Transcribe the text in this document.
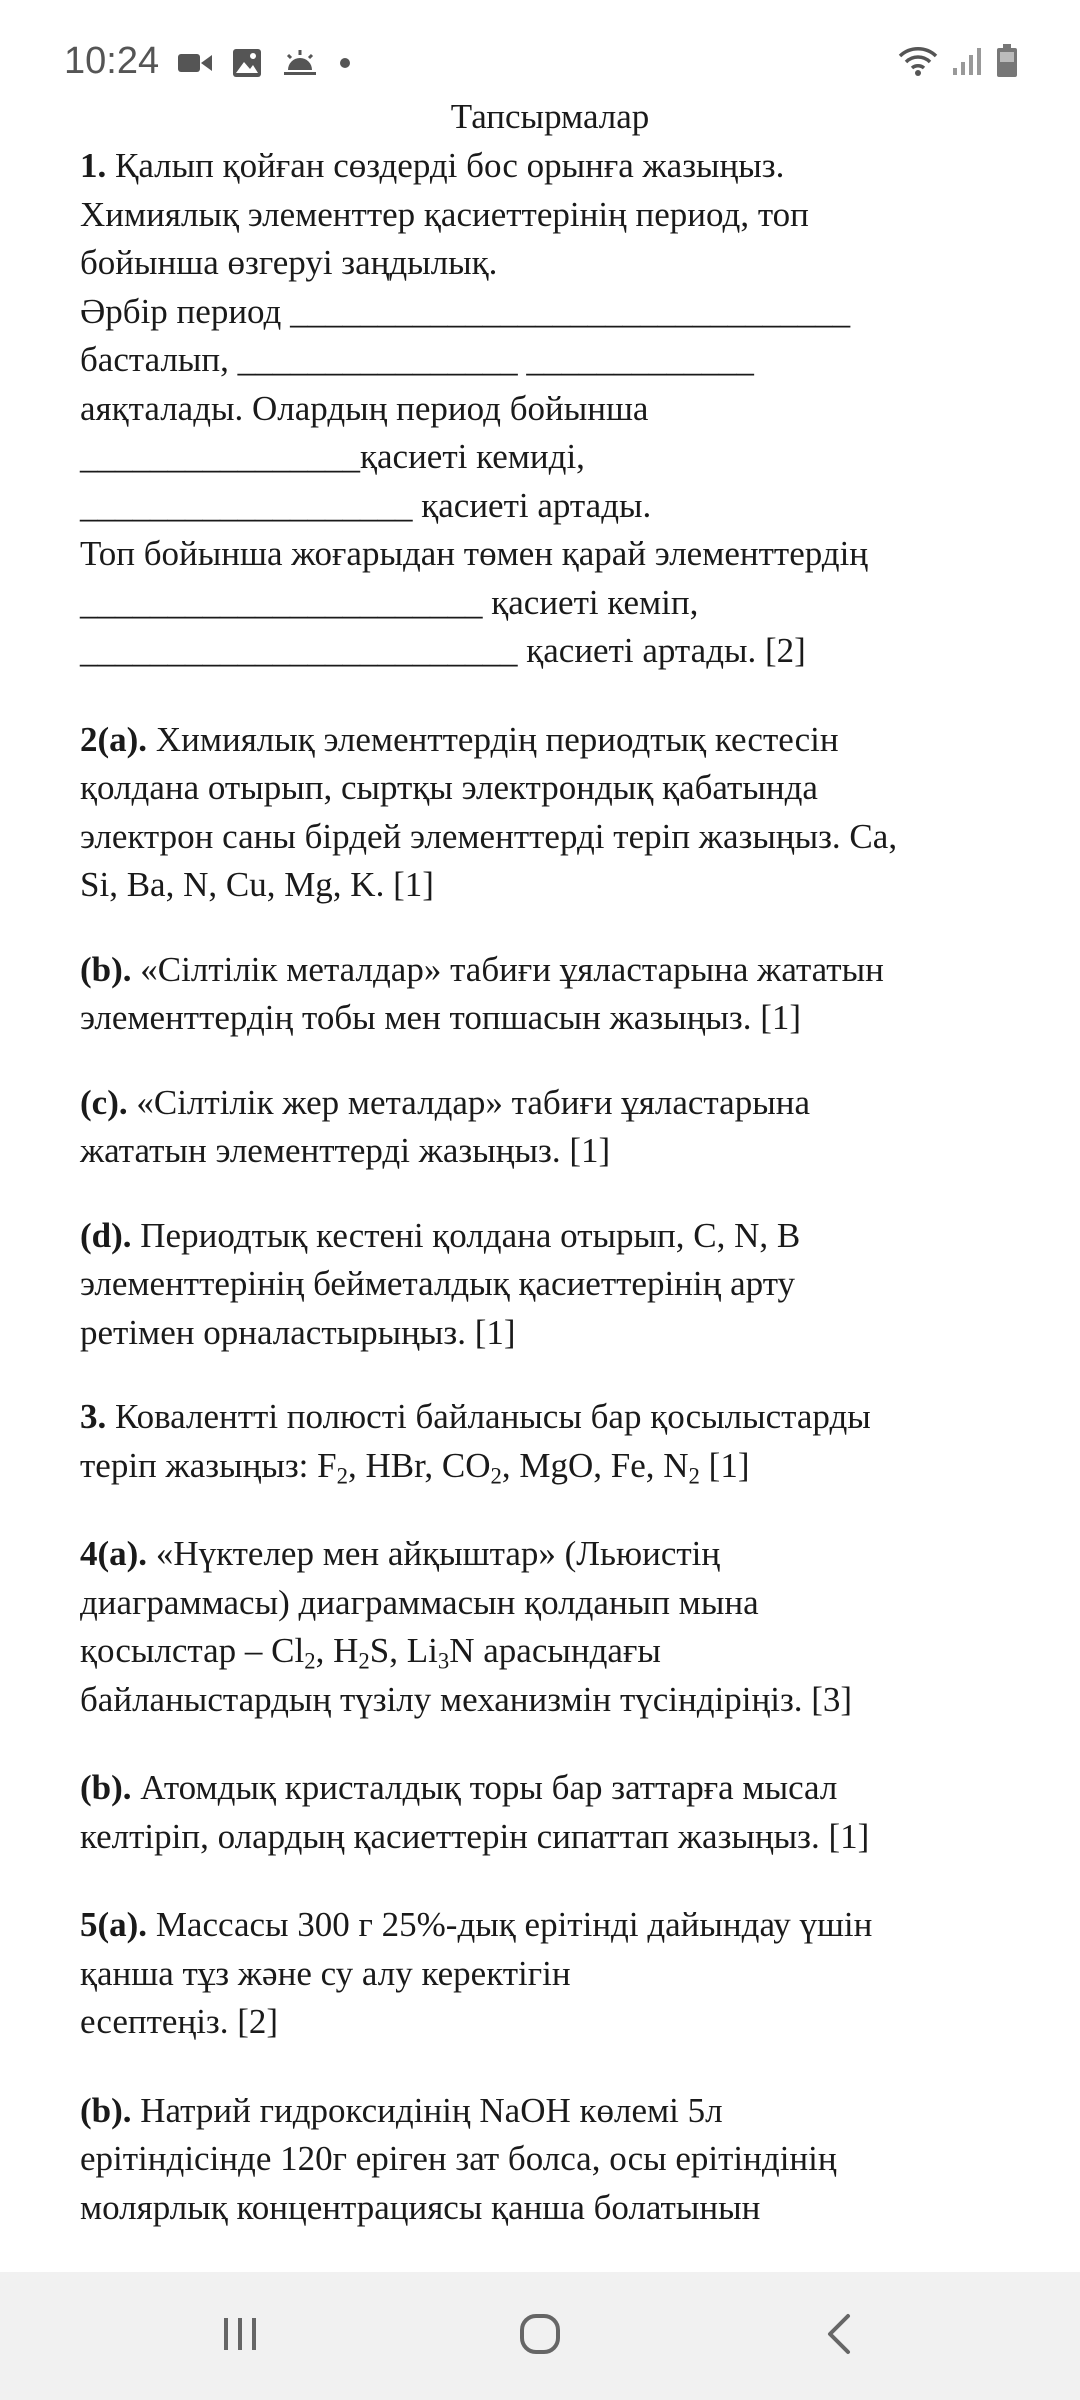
10:24
Тапсырмалар
1. Қалып қойған сөздерді бос орынға жазыңыз.
Химиялық элементтер қасиеттерінің период, топ
бойынша өзгеруі заңдылық.
Әрбір период ________________________________
басталып, ________________ _____________
аяқталады. Олардың период бойынша
________________қасиеті кемиді,
___________________ қасиеті артады.
Топ бойынша жоғарыдан төмен қарай элементтердің
_______________________ қасиеті кеміп,
_________________________ қасиеті артады. [2]
2(a). Химиялық элементтердің периодтық кестесін
қолдана отырып, сыртқы электрондық қабатында
электрон саны бірдей элементтерді теріп жазыңыз. Ca,
Si, Ba, N, Cu, Mg, K. [1]
(b). «Сілтілік металдар» табиғи ұяластарына жататын
элементтердің тобы мен топшасын жазыңыз. [1]
(c). «Сілтілік жер металдар» табиғи ұяластарына
жататын элементтерді жазыңыз. [1]
(d). Периодтық кестені қолдана отырып, C, N, B
элементтерінің бейметалдық қасиеттерінің арту
ретімен орналастырыңыз. [1]
3. Ковалентті полюсті байланысы бар қосылыстарды
теріп жазыңыз: $F_2$, HBr, $CO_2$, MgO, Fe, $N_2$ [1]
4(a). «Нүктелер мен айқыштар» (Льюистің
диаграммасы) диаграммасын қолданып мына
қосылстар – $Cl_2$, $H_2S$, $Li_3N$ арасындағы
байланыстардың түзілу механизмін түсіндіріңіз. [3]
(b). Атомдық кристалдық торы бар заттарға мысал
келтіріп, олардың қасиеттерін сипаттап жазыңыз. [1]
5(a). Массасы 300 г 25%-дық ерітінді дайындау үшін
қанша тұз және су алу керектігін
есептеңіз. [2]
(b). Натрий гидроксидінің NaOH көлемі 5л
ерітіндісінде 120г еріген зат болса, осы ерітіндінің
молярлық концентрациясы қанша болатынын
